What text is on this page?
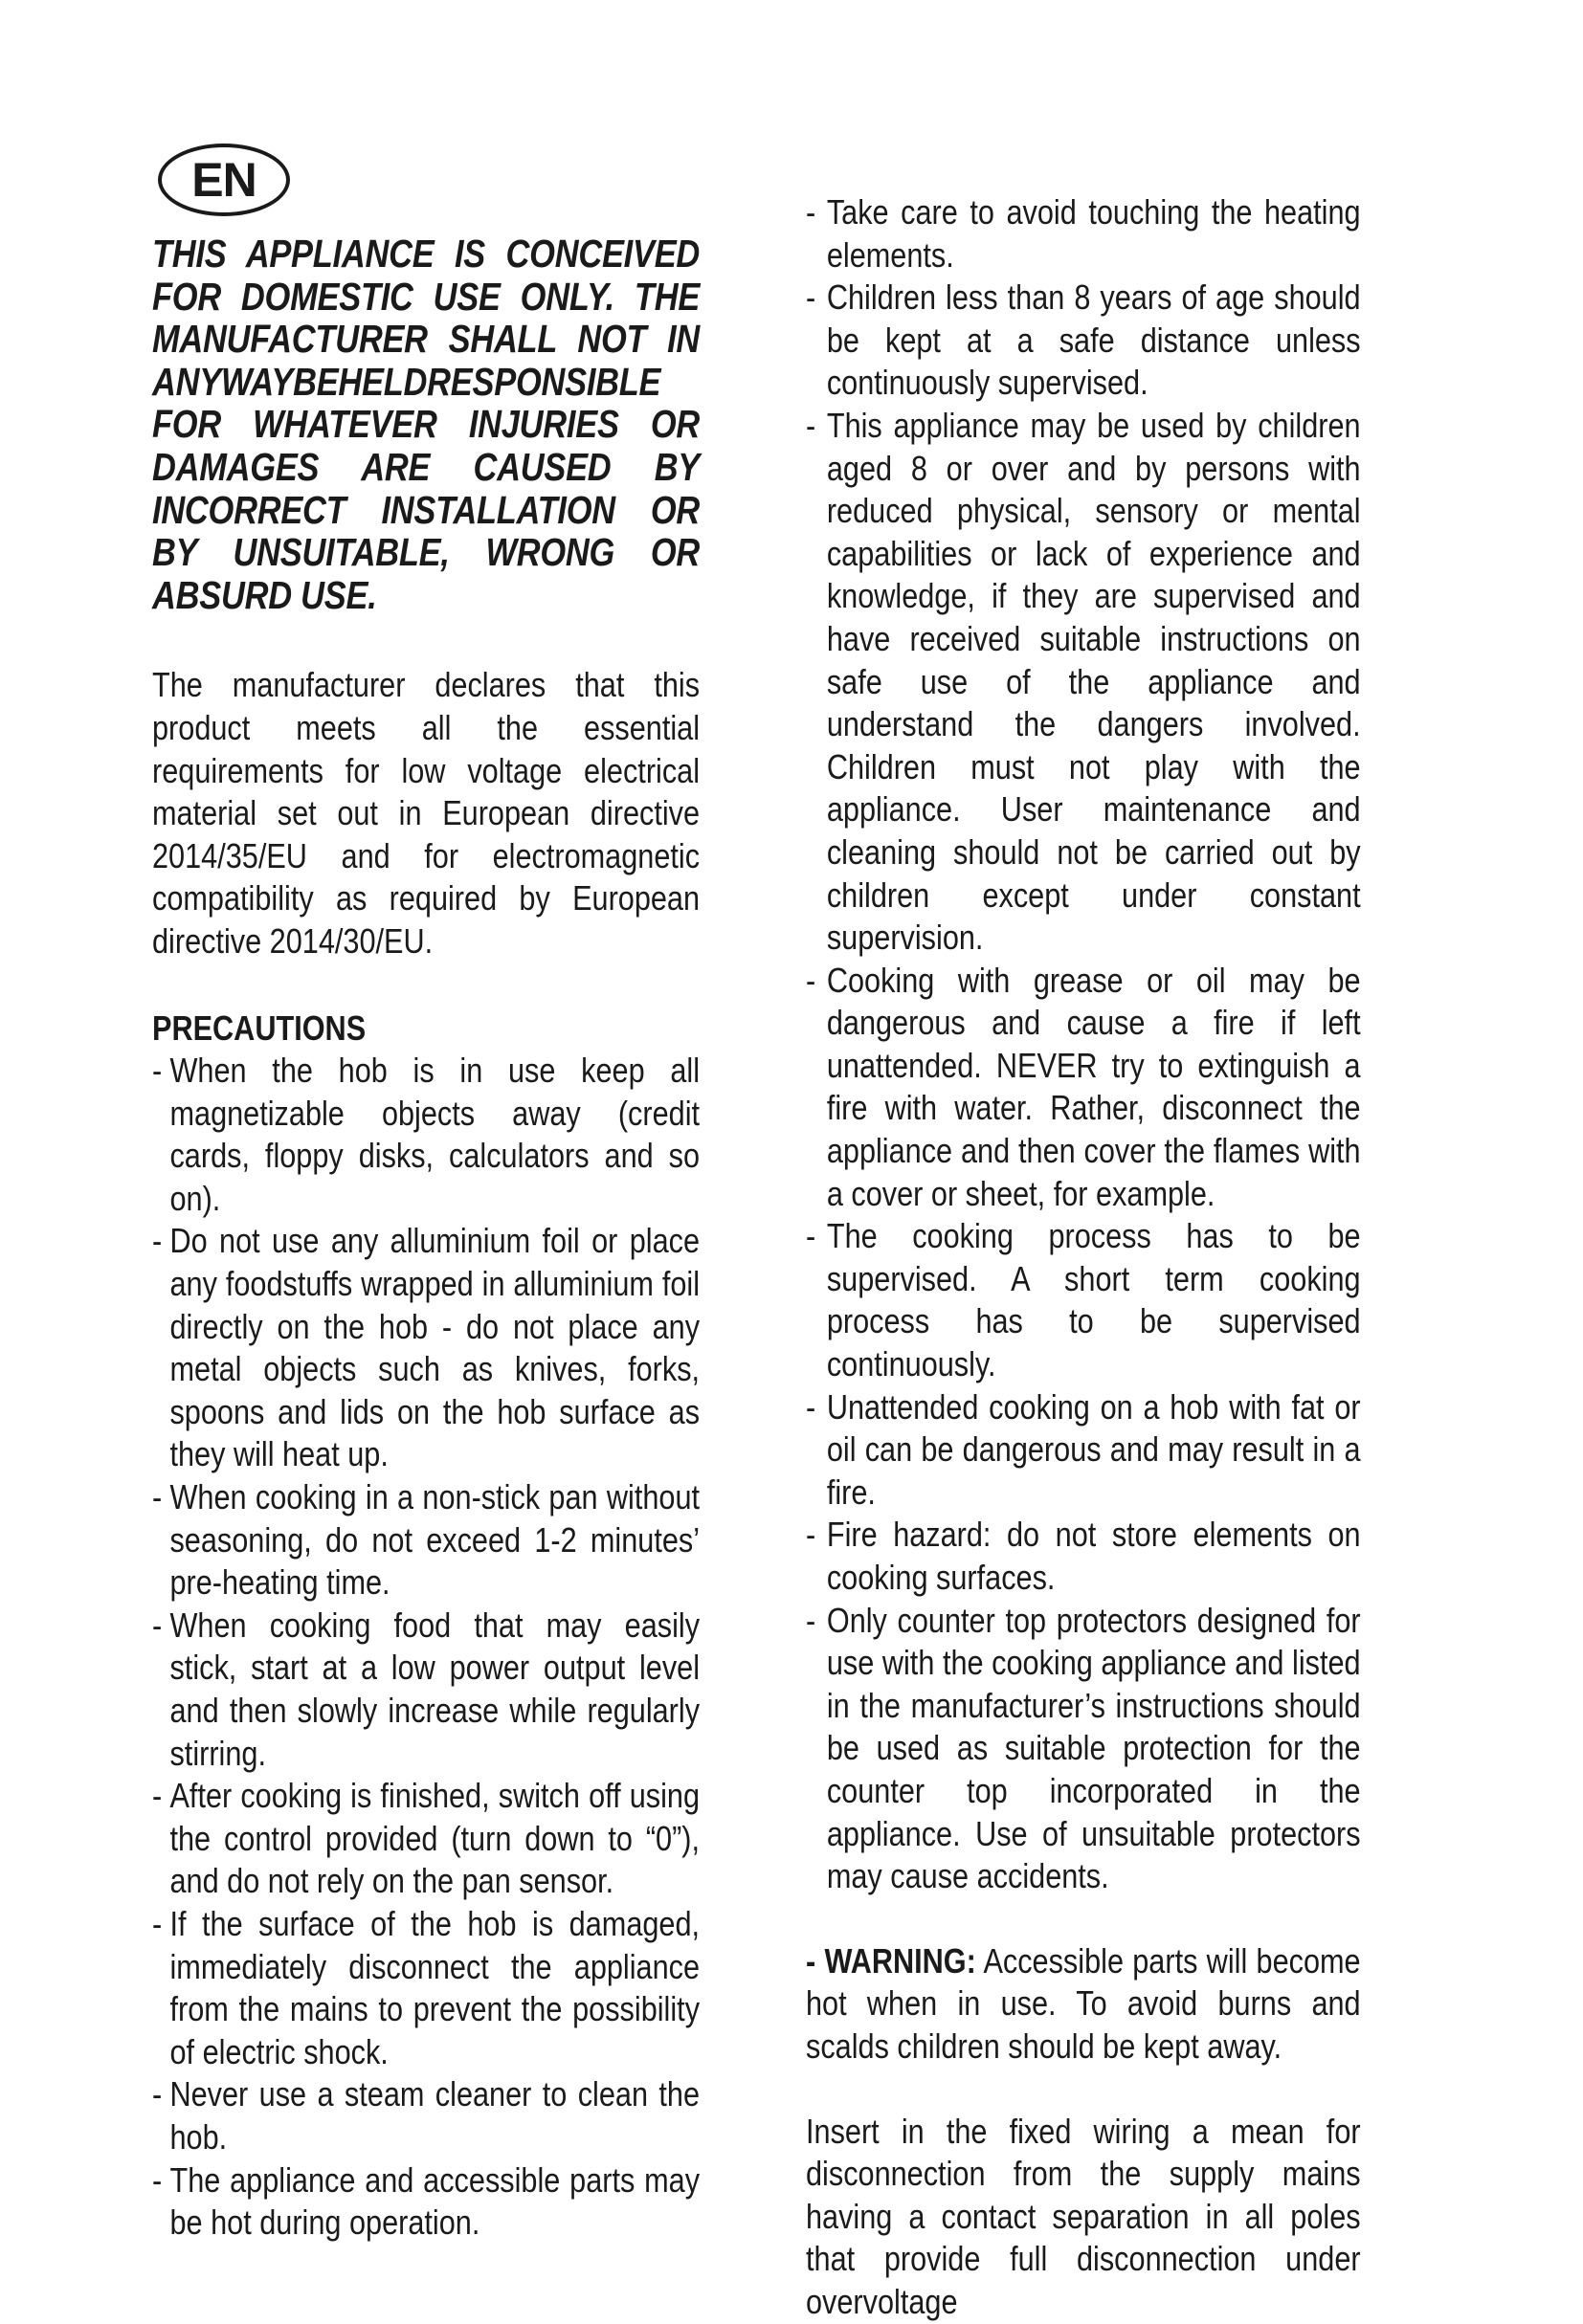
EN

THIS APPLIANCE IS CONCEIVED FOR DOMESTIC USE ONLY. THE MANUFACTURER SHALL NOT IN ANYWAYBEHELDRESPONSIBLE FOR WHATEVER INJURIES OR DAMAGES ARE CAUSED BY INCORRECT INSTALLATION OR BY UNSUITABLE, WRONG OR ABSURD USE.

The manufacturer declares that this product meets all the essential requirements for low voltage electrical material set out in European directive 2014/35/EU and for electromagnetic compatibility as required by European directive 2014/30/EU.

PRECAUTIONS

- When the hob is in use keep all magnetizable objects away (credit cards, floppy disks, calculators and so on).
- Do not use any alluminium foil or place any foodstuffs wrapped in alluminium foil directly on the hob - do not place any metal objects such as knives, forks, spoons and lids on the hob surface as they will heat up.
- When cooking in a non-stick pan without seasoning, do not exceed 1-2 minutes’ pre-heating time.
- When cooking food that may easily stick, start at a low power output level and then slowly increase while regularly stirring.
- After cooking is finished, switch off using the control provided (turn down to “0”), and do not rely on the pan sensor.
- If the surface of the hob is damaged, immediately disconnect the appliance from the mains to prevent the possibility of electric shock.
- Never use a steam cleaner to clean the hob.
- The appliance and accessible parts may be hot during operation.
- Take care to avoid touching the heating elements.
- Children less than 8 years of age should be kept at a safe distance unless continuously supervised.
- This appliance may be used by children aged 8 or over and by persons with reduced physical, sensory or mental capabilities or lack of experience and knowledge, if they are supervised and have received suitable instructions on safe use of the appliance and understand the dangers involved. Children must not play with the appliance. User maintenance and cleaning should not be carried out by children except under constant supervision.
- Cooking with grease or oil may be dangerous and cause a fire if left unattended. NEVER try to extinguish a fire with water. Rather, disconnect the appliance and then cover the flames with a cover or sheet, for example.
- The cooking process has to be supervised. A short term cooking process has to be supervised continuously.
- Unattended cooking on a hob with fat or oil can be dangerous and may result in a fire.
- Fire hazard: do not store elements on cooking surfaces.
- Only counter top protectors designed for use with the cooking appliance and listed in the manufacturer’s instructions should be used as suitable protection for the counter top incorporated in the appliance. Use of unsuitable protectors may cause accidents.

- WARNING: Accessible parts will become hot when in use. To avoid burns and scalds children should be kept away.

Insert in the fixed wiring a mean for disconnection from the supply mains having a contact separation in all poles that provide full disconnection under overvoltage
